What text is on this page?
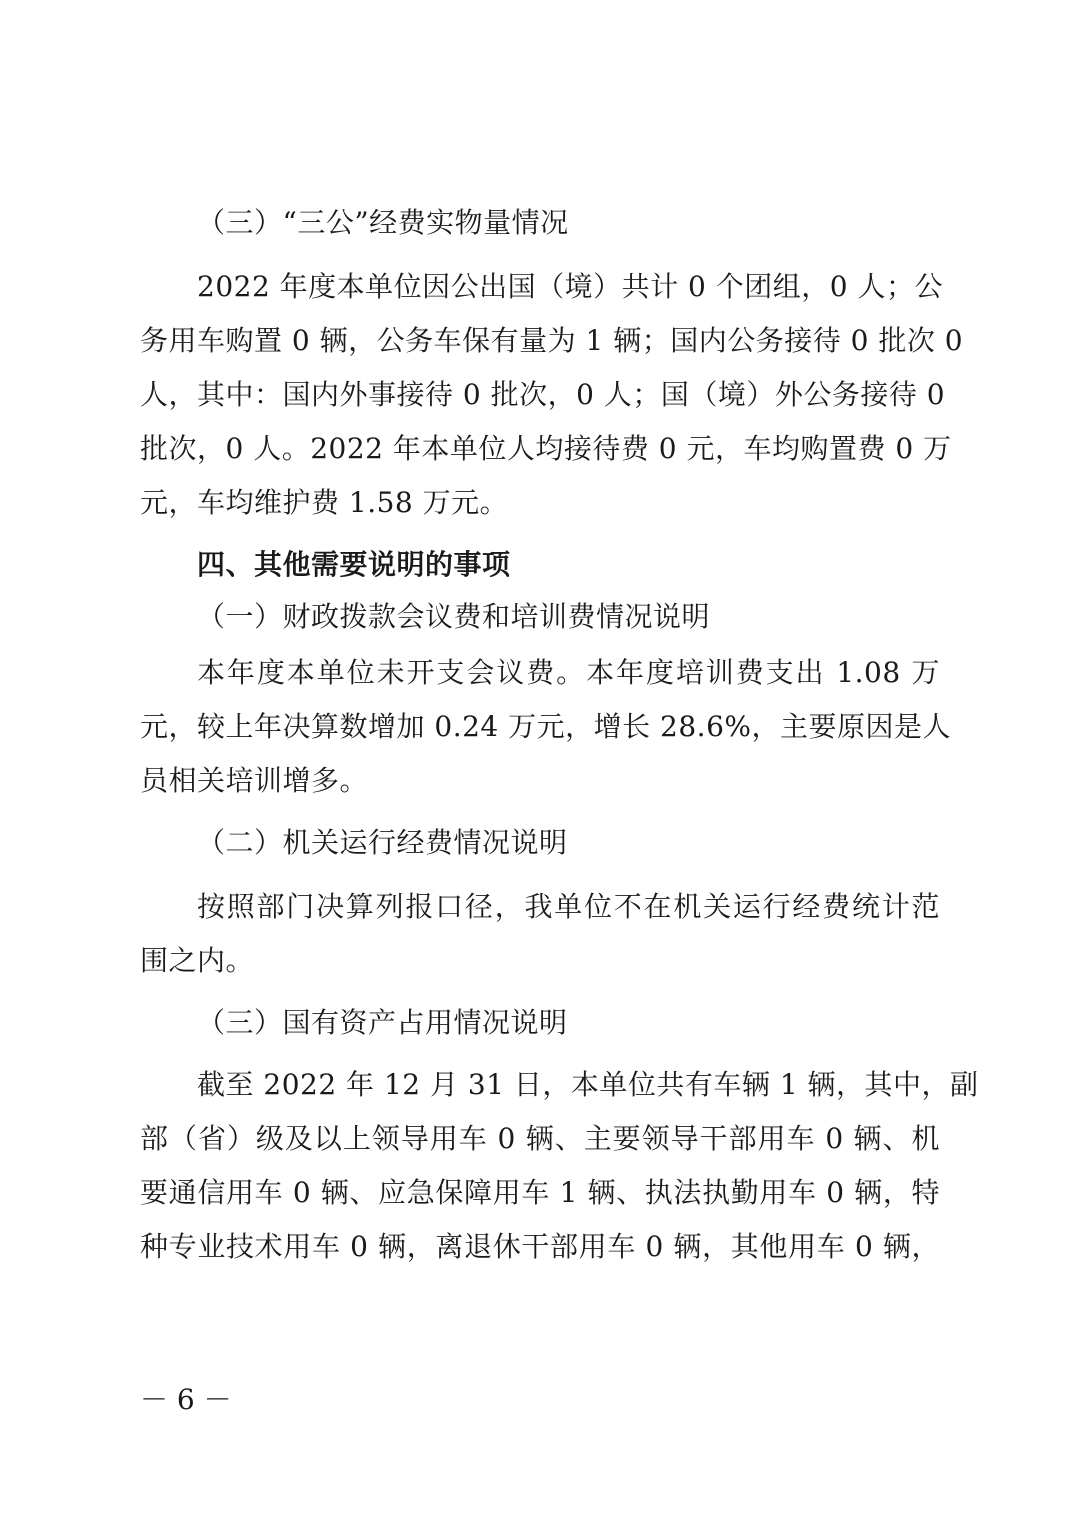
（三）“三公”经费实物量情况
2022 年度本单位因公出国（境）共计 0 个团组，0 人；公
务用车购置 0 辆，公务车保有量为 1 辆；国内公务接待 0 批次 0
人，其中：国内外事接待 0 批次，0 人；国（境）外公务接待 0
批次，0 人。2022 年本单位人均接待费 0 元，车均购置费 0 万
元，车均维护费 1.58 万元。
四、其他需要说明的事项
（一）财政拨款会议费和培训费情况说明
本年度本单位未开支会议费。本年度培训费支出 1.08 万
元，较上年决算数增加 0.24 万元，增长 28.6%，主要原因是人
员相关培训增多。
（二）机关运行经费情况说明
按照部门决算列报口径，我单位不在机关运行经费统计范
围之内。
（三）国有资产占用情况说明
截至 2022 年 12 月 31 日，本单位共有车辆 1 辆，其中，副
部（省）级及以上领导用车 0 辆、主要领导干部用车 0 辆、机
要通信用车 0 辆、应急保障用车 1 辆、执法执勤用车 0 辆，特
种专业技术用车 0 辆，离退休干部用车 0 辆，其他用车 0 辆，
－ 6 －
